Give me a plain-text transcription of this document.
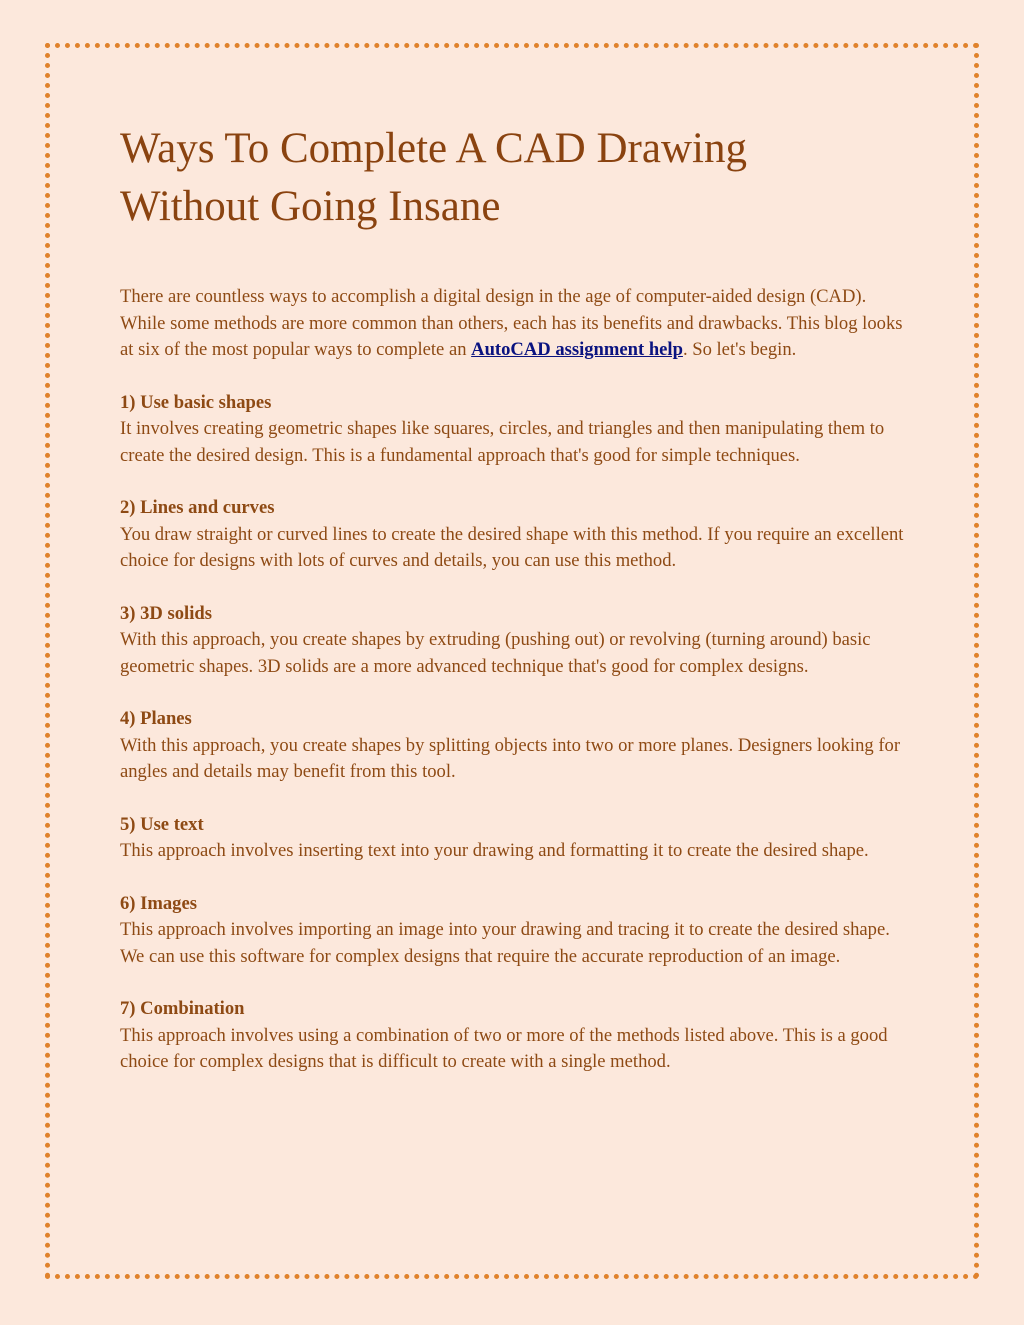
Ways To Complete A CAD Drawing
Without Going Insane

There are countless ways to accomplish a digital design in the age of computer-aided design (CAD). While some methods are more common than others, each has its benefits and drawbacks. This blog looks at six of the most popular ways to complete an AutoCAD assignment help. So let's begin.

1) Use basic shapes

It involves creating geometric shapes like squares, circles, and triangles and then manipulating them to create the desired design. This is a fundamental approach that's good for simple techniques.

2) Lines and curves

You draw straight or curved lines to create the desired shape with this method. If you require an excellent choice for designs with lots of curves and details, you can use this method.

3) 3D solids

With this approach, you create shapes by extruding (pushing out) or revolving (turning around) basic geometric shapes. 3D solids are a more advanced technique that's good for complex designs.

4) Planes

With this approach, you create shapes by splitting objects into two or more planes. Designers looking for angles and details may benefit from this tool.

5) Use text

This approach involves inserting text into your drawing and formatting it to create the desired shape.

6) Images

This approach involves importing an image into your drawing and tracing it to create the desired shape. We can use this software for complex designs that require the accurate reproduction of an image.

7) Combination

This approach involves using a combination of two or more of the methods listed above. This is a good choice for complex designs that is difficult to create with a single method.
